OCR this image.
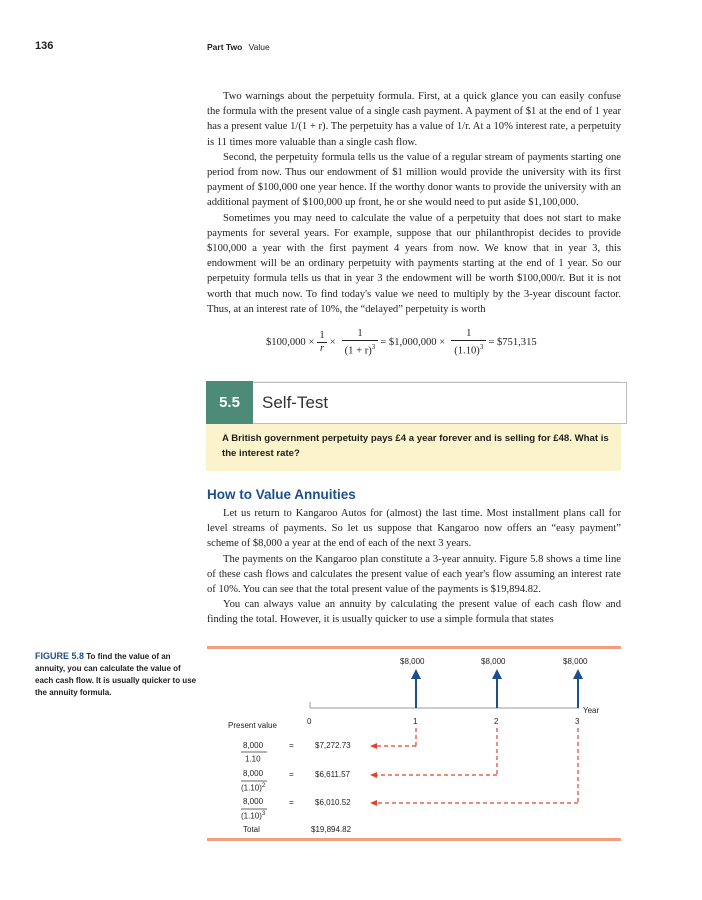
136	Part Two Value

Two warnings about the perpetuity formula. First, at a quick glance you can easily confuse the formula with the present value of a single cash payment. A payment of $1 at the end of 1 year has a present value 1/(1 + r). The perpetuity has a value of 1/r. At a 10% interest rate, a perpetuity is 11 times more valuable than a single cash flow.

Second, the perpetuity formula tells us the value of a regular stream of payments starting one period from now. Thus our endowment of $1 million would provide the university with its first payment of $100,000 one year hence. If the worthy donor wants to provide the university with an additional payment of $100,000 up front, he or she would need to put aside $1,100,000.

Sometimes you may need to calculate the value of a perpetuity that does not start to make payments for several years. For example, suppose that our philanthropist decides to provide $100,000 a year with the first payment 4 years from now. We know that in year 3, this endowment will be an ordinary perpetuity with payments starting at the end of 1 year. So our perpetuity formula tells us that in year 3 the endowment will be worth $100,000/r. But it is not worth that much now. To find today's value we need to multiply by the 3-year discount factor. Thus, at an interest rate of 10%, the “delayed” perpetuity is worth

$100,000 × $\frac{1}{r} \times \frac{1}{(1 + r)^3}$ = $1,000,000 × $\frac{1}{(1.10)^3}$ = $751,315
5.5	Self-Test
A British government perpetuity pays £4 a year forever and is selling for £48. What is the interest rate?
How to Value Annuities

Let us return to Kangaroo Autos for (almost) the last time. Most installment plans call for level streams of payments. So let us suppose that Kangaroo now offers an “easy payment” scheme of $8,000 a year at the end of each of the next 3 years.

The payments on the Kangaroo plan constitute a 3-year annuity. Figure 5.8 shows a time line of these cash flows and calculates the present value of each year's flow assuming an interest rate of 10%. You can see that the total present value of the payments is $19,894.82.

You can always value an annuity by calculating the present value of each cash flow and finding the total. However, it is usually quicker to use a simple formula that states

FIGURE 5.8 To find the value of an annuity, you can calculate the value of each cash flow. It is usually quicker to use the annuity formula.
$8,000	$8,000	$8,000
Year
0	1	2	3
Present value
8,000
1.10
=	$7,272.73
8,000
$(1.10)^2$
=	$6,611.57
8,000
$(1.10)^3$
=	$6,010.52
Total	$19,894.82
